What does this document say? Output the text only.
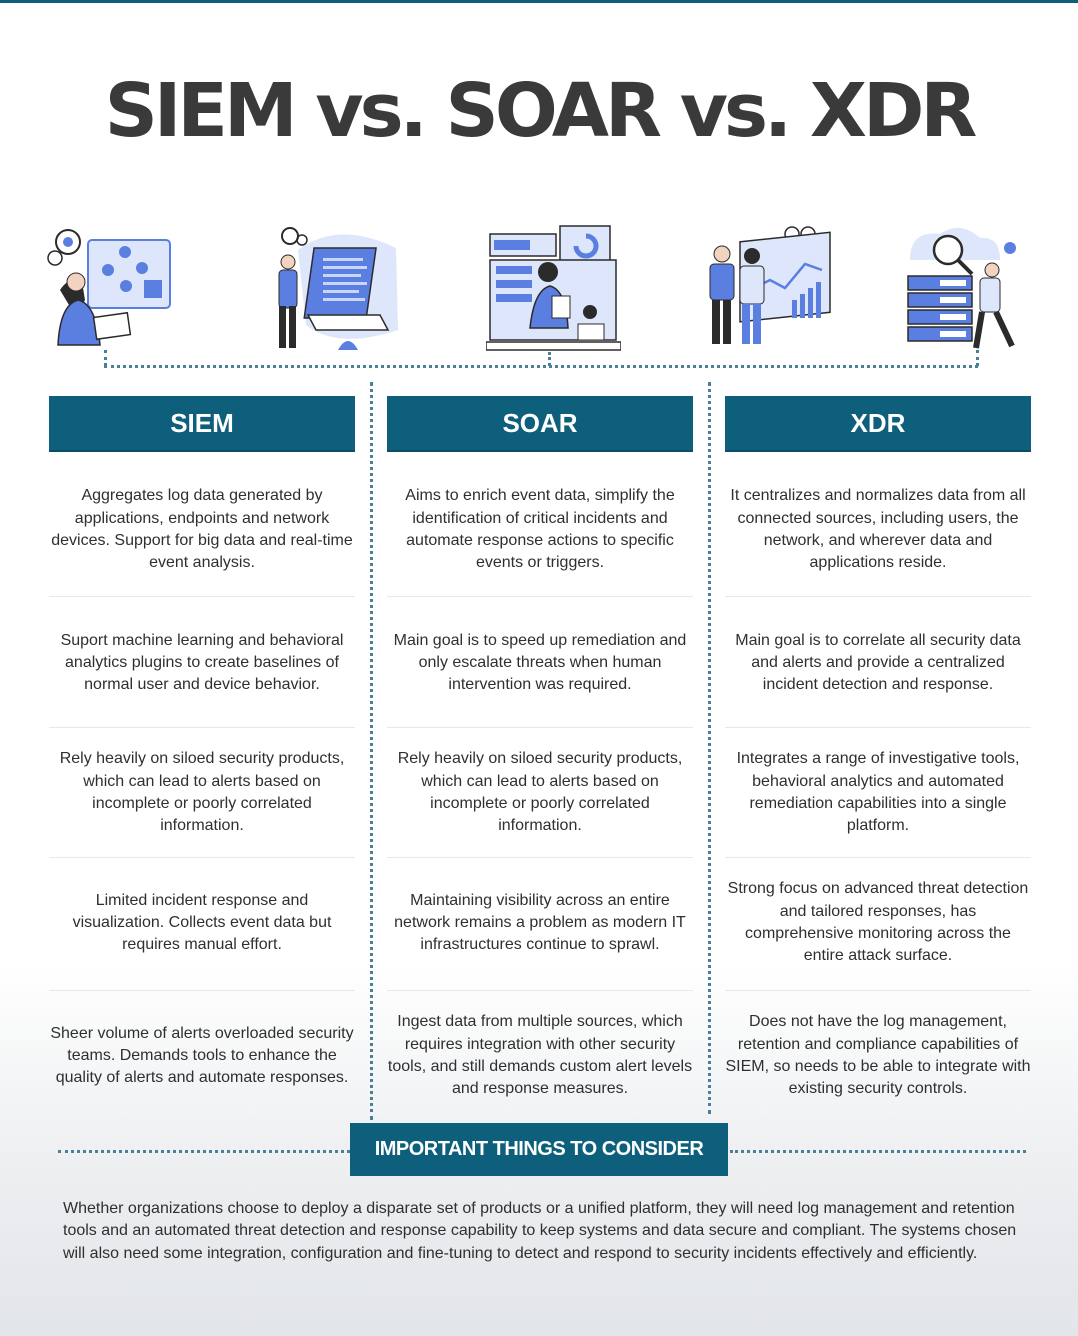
SIEM vs. SOAR vs. XDR
SIEM	SOAR	XDR
Aggregates log data generated by applications, endpoints and network devices. Support for big data and real-time event analysis.
Suport machine learning and behavioral analytics plugins to create baselines of normal user and device behavior.
Rely heavily on siloed security products, which can lead to alerts based on incomplete or poorly correlated information.
Limited incident response and visualization. Collects event data but requires manual effort.
Sheer volume of alerts overloaded security teams. Demands tools to enhance the quality of alerts and automate responses.
Aims to enrich event data, simplify the identification of critical incidents and automate response actions to specific events or triggers.
Main goal is to speed up remediation and only escalate threats when human intervention was required.
Rely heavily on siloed security products, which can lead to alerts based on incomplete or poorly correlated information.
Maintaining visibility across an entire network remains a problem as modern IT infrastructures continue to sprawl.
Ingest data from multiple sources, which requires integration with other security tools, and still demands custom alert levels and response measures.
It centralizes and normalizes data from all connected sources, including users, the network, and wherever data and applications reside.
Main goal is to correlate all security data and alerts and provide a centralized incident detection and response.
Integrates a range of investigative tools, behavioral analytics and automated remediation capabilities into a single platform.
Strong focus on advanced threat detection and tailored responses, has comprehensive monitoring across the entire attack surface.
Does not have the log management, retention and compliance capabilities of SIEM, so needs to be able to integrate with existing security controls.
IMPORTANT THINGS TO CONSIDER
Whether organizations choose to deploy a disparate set of products or a unified platform, they will need log management and retention tools and an automated threat detection and response capability to keep systems and data secure and compliant. The systems chosen will also need some integration, configuration and fine-tuning to detect and respond to security incidents effectively and efficiently.
